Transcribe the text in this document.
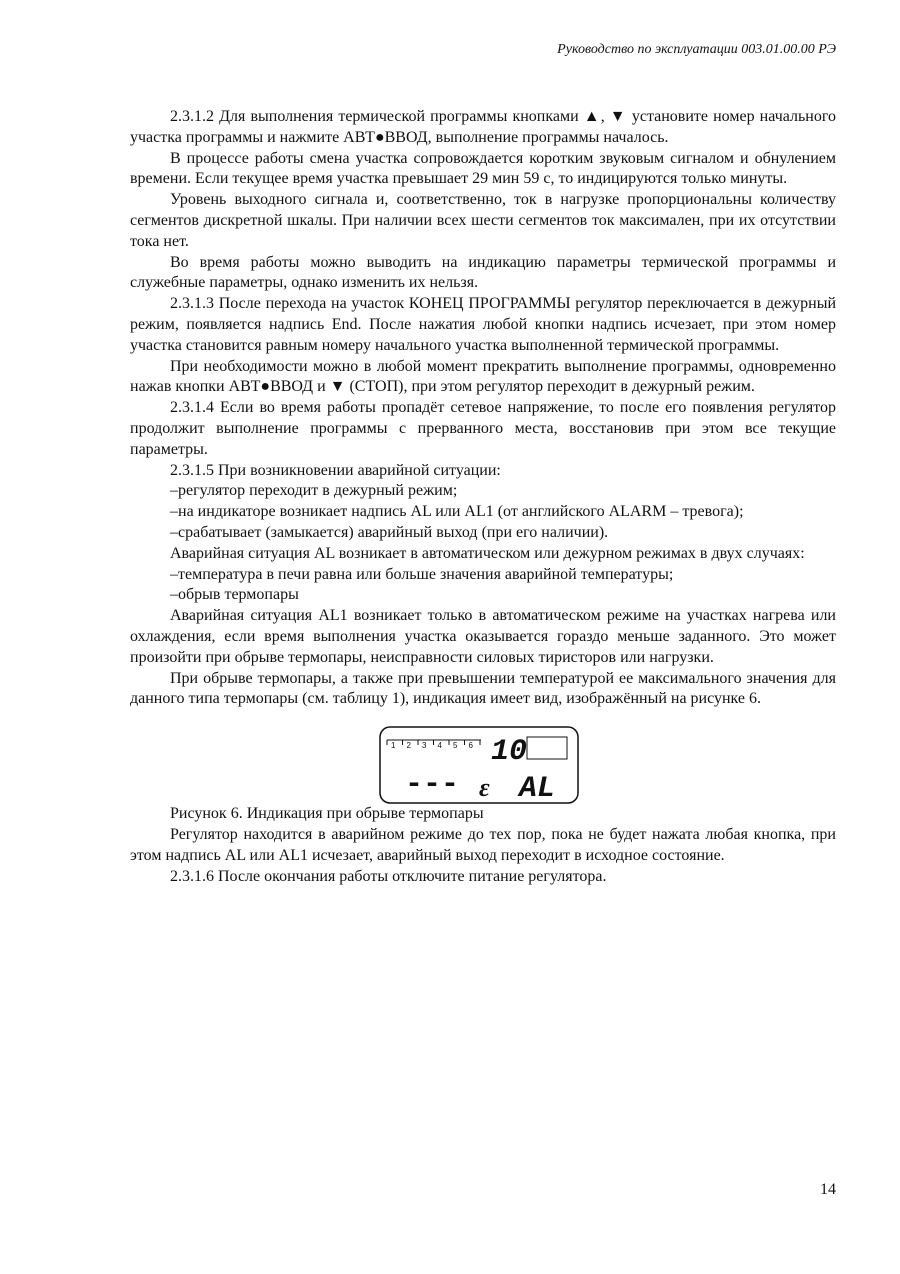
Руководство по эксплуатации 003.01.00.00 РЭ

2.3.1.2 Для выполнения термической программы кнопками ▲, ▼ установите номер начального участка программы и нажмите АВТ●ВВОД, выполнение программы началось.

В процессе работы смена участка сопровождается коротким звуковым сигналом и обнулением времени. Если текущее время участка превышает 29 мин 59 с, то индицируются только минуты.

Уровень выходного сигнала и, соответственно, ток в нагрузке пропорциональны количеству сегментов дискретной шкалы. При наличии всех шести сегментов ток максимален, при их отсутствии тока нет.

Во время работы можно выводить на индикацию параметры термической программы и служебные параметры, однако изменить их нельзя.

2.3.1.3 После перехода на участок КОНЕЦ ПРОГРАММЫ регулятор переключается в дежурный режим, появляется надпись End. После нажатия любой кнопки надпись исчезает, при этом номер участка становится равным номеру начального участка выполненной термической программы.

При необходимости можно в любой момент прекратить выполнение программы, одновременно нажав кнопки АВТ●ВВОД и ▼ (СТОП), при этом регулятор переходит в дежурный режим.

2.3.1.4 Если во время работы пропадёт сетевое напряжение, то после его появления регулятор продолжит выполнение программы с прерванного места, восстановив при этом все текущие параметры.

2.3.1.5 При возникновении аварийной ситуации:

–регулятор переходит в дежурный режим;

–на индикаторе возникает надпись AL или AL1 (от английского ALARM – тревога);

–срабатывает (замыкается) аварийный выход (при его наличии).

Аварийная ситуация AL возникает в автоматическом или дежурном режимах в двух случаях:

–температура в печи равна или больше значения аварийной температуры;

–обрыв термопары

Аварийная ситуация AL1 возникает только в автоматическом режиме на участках нагрева или охлаждения, если время выполнения участка оказывается гораздо меньше заданного. Это может произойти при обрыве термопары, неисправности силовых тиристоров или нагрузки.

При обрыве термопары, а также при превышении температурой ее максимального значения для данного типа термопары (см. таблицу 1), индикация имеет вид, изображённый на рисунке 6.

1 2 3 4 5 6 10
--- ɛ AL

Рисунок 6. Индикация при обрыве термопары

Регулятор находится в аварийном режиме до тех пор, пока не будет нажата любая кнопка, при этом надпись AL или AL1 исчезает, аварийный выход переходит в исходное состояние.

2.3.1.6 После окончания работы отключите питание регулятора.

14
